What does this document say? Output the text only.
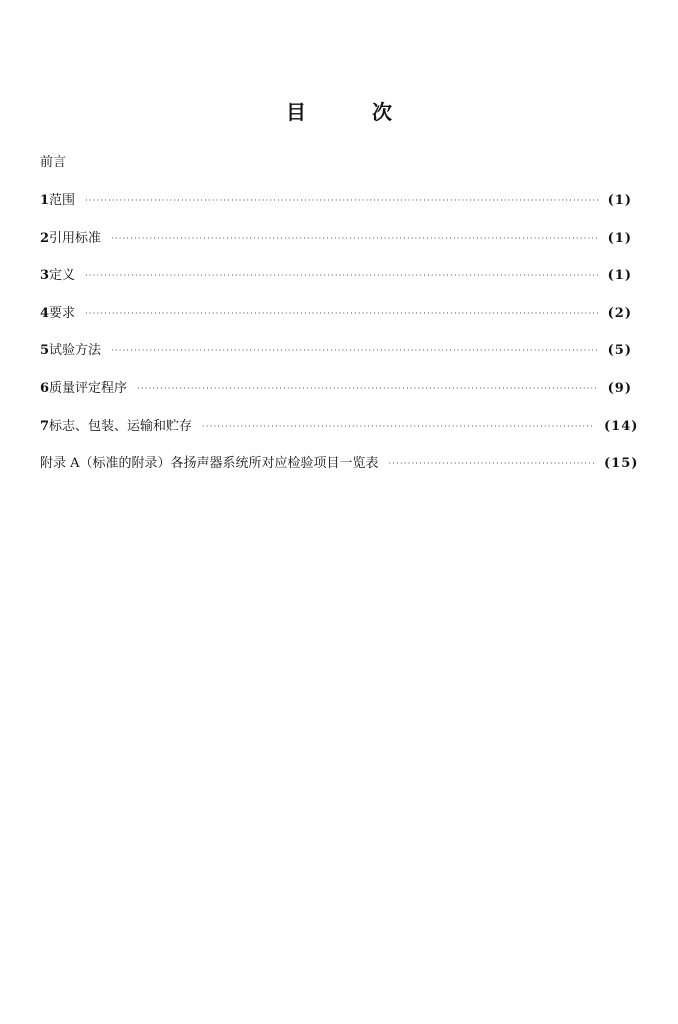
目	次
前言
1 范围 ·····	(1)
2 引用标准 ·····	(1)
3 定义 ·····	(1)
4 要求 ·····	(2)
5 试验方法 ·····	(5)
6 质量评定程序 ·····	(9)
7 标志、包装、运输和贮存 ·····	(14)
附录 A（标准的附录）各扬声器系统所对应检验项目一览表 ·····	(15)
